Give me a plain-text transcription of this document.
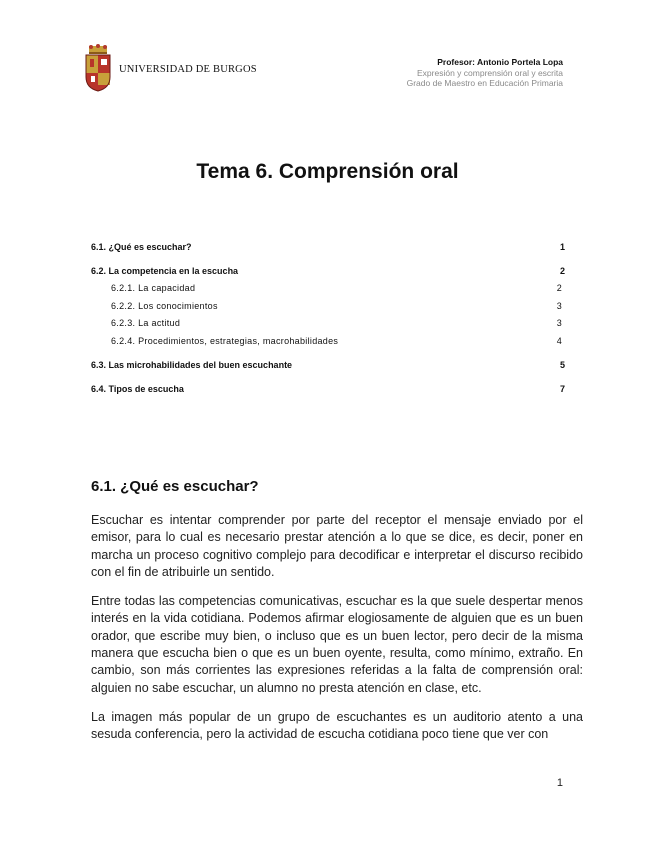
UNIVERSIDAD DE BURGOS
Profesor: Antonio Portela Lopa
Expresión y comprensión oral y escrita
Grado de Maestro en Educación Primaria
Tema 6. Comprensión oral
6.1. ¿Qué es escuchar?	1
6.2. La competencia en la escucha	2
6.2.1. La capacidad	2
6.2.2. Los conocimientos	3
6.2.3. La actitud	3
6.2.4. Procedimientos, estrategias, macrohabilidades	4
6.3. Las microhabilidades del buen escuchante	5
6.4. Tipos de escucha	7
6.1. ¿Qué es escuchar?

Escuchar es intentar comprender por parte del receptor el mensaje enviado por el emisor, para lo cual es necesario prestar atención a lo que se dice, es decir, poner en marcha un proceso cognitivo complejo para decodificar e interpretar el discurso recibido con el fin de atribuirle un sentido.

Entre todas las competencias comunicativas, escuchar es la que suele despertar menos interés en la vida cotidiana. Podemos afirmar elogiosamente de alguien que es un buen orador, que escribe muy bien, o incluso que es un buen lector, pero decir de la misma manera que escucha bien o que es un buen oyente, resulta, como mínimo, extraño. En cambio, son más corrientes las expresiones referidas a la falta de comprensión oral: alguien no sabe escuchar, un alumno no presta atención en clase, etc.

La imagen más popular de un grupo de escuchantes es un auditorio atento a una sesuda conferencia, pero la actividad de escucha cotidiana poco tiene que ver con

1
